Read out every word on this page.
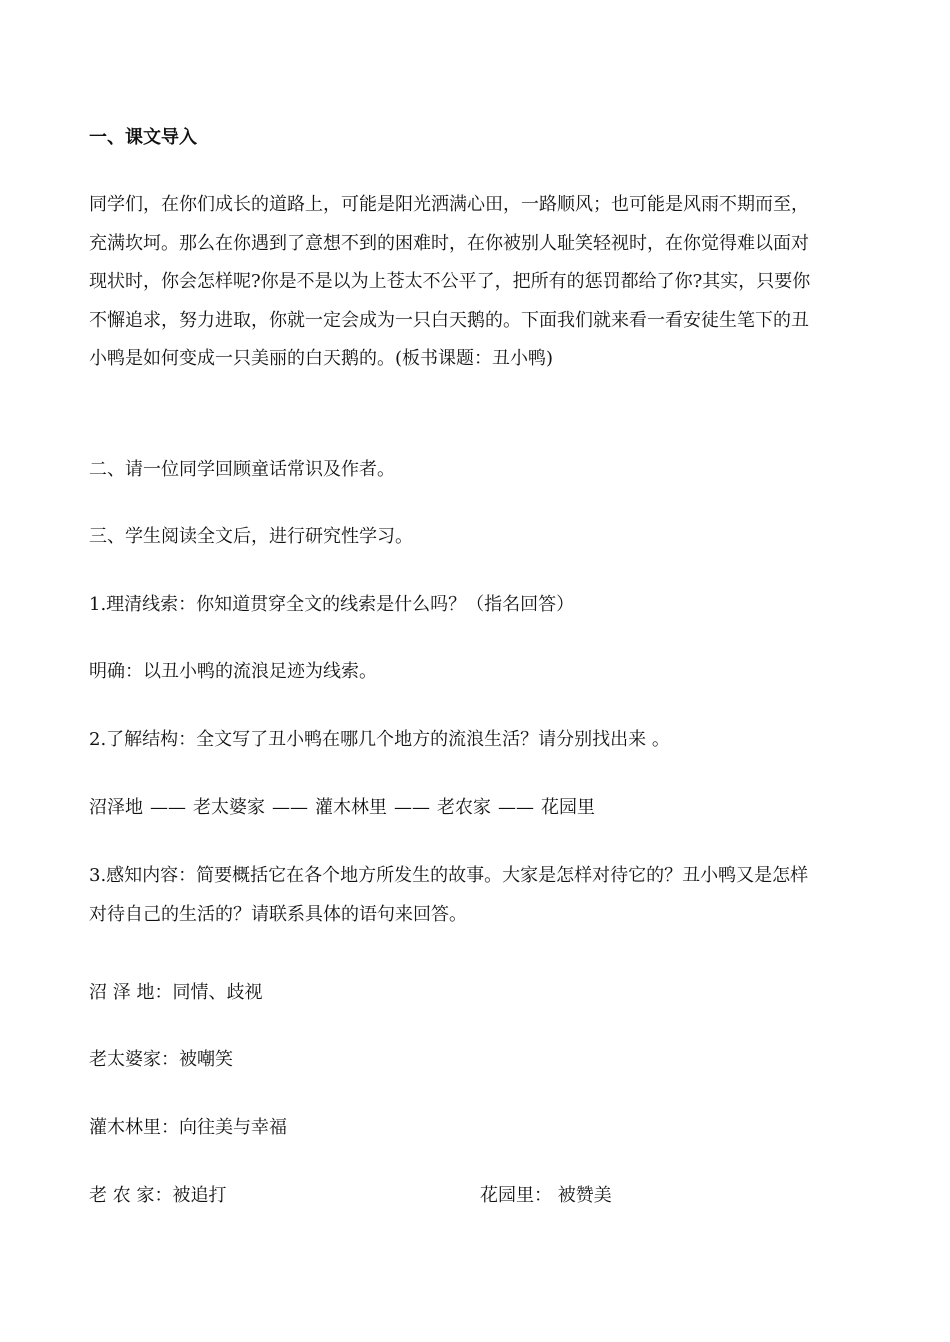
一、课文导入
同学们，在你们成长的道路上，可能是阳光洒满心田，一路顺风；也可能是风雨不期而至，
充满坎坷。那么在你遇到了意想不到的困难时，在你被别人耻笑轻视时，在你觉得难以面对
现状时，你会怎样呢?你是不是以为上苍太不公平了，把所有的惩罚都给了你?其实，只要你
不懈追求，努力进取，你就一定会成为一只白天鹅的。下面我们就来看一看安徒生笔下的丑
小鸭是如何变成一只美丽的白天鹅的。(板书课题：丑小鸭)
二、请一位同学回顾童话常识及作者。
三、学生阅读全文后，进行研究性学习。
1.理清线索：你知道贯穿全文的线索是什么吗？（指名回答）
明确：以丑小鸭的流浪足迹为线索。
2.了解结构：全文写了丑小鸭在哪几个地方的流浪生活？请分别找出来 。
沼泽地 —— 老太婆家 —— 灌木林里 —— 老农家 —— 花园里
3.感知内容：简要概括它在各个地方所发生的故事。大家是怎样对待它的？丑小鸭又是怎样
对待自己的生活的？请联系具体的语句来回答。
沼 泽 地：同情、歧视
老太婆家：被嘲笑
灌木林里：向往美与幸福
老 农 家：被追打	花园里： 被赞美
